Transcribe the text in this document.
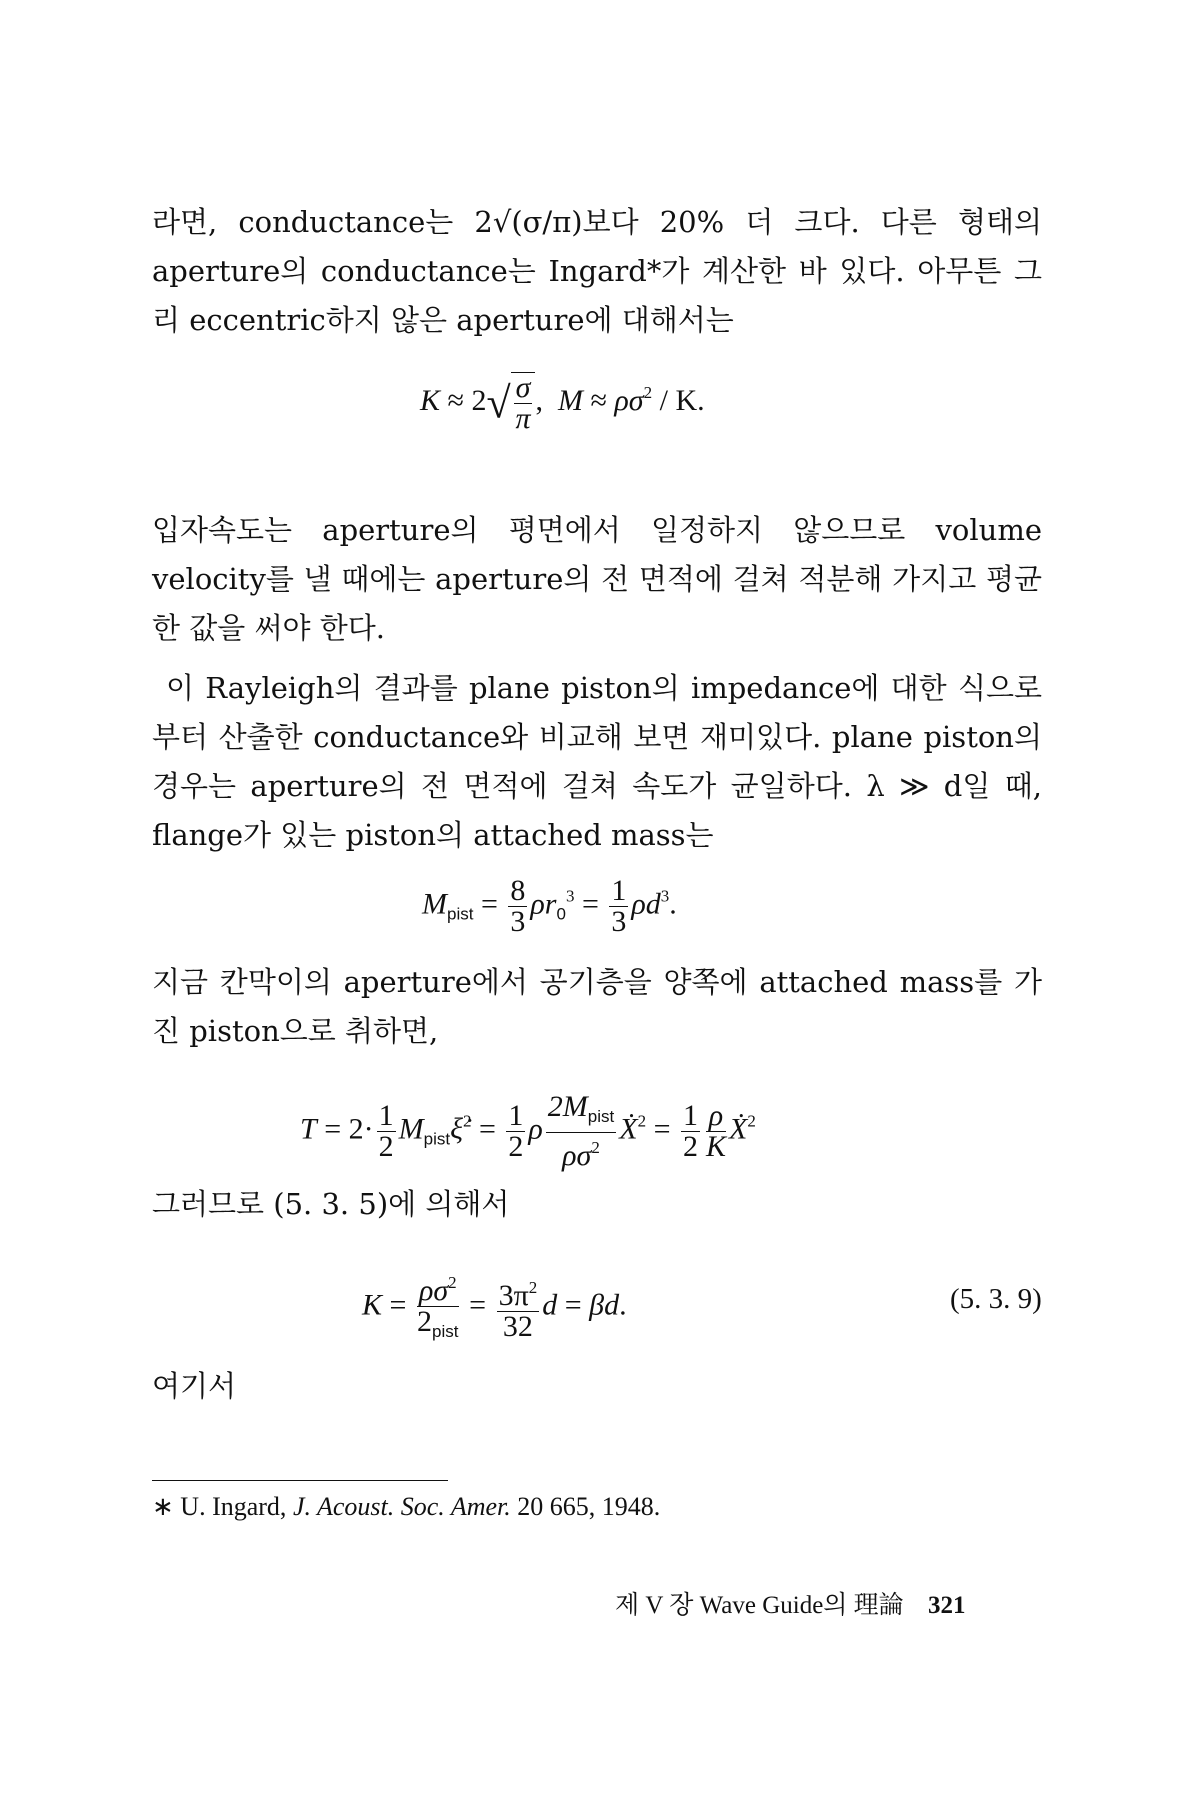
라면, conductance는 2√(σ/π)보다 20% 더 크다. 다른 형태의 aperture의 conductance는 Ingard*가 계산한 바 있다. 아무튼 그리 eccentric하지 않은 aperture에 대해서는

$K \approx 2√ \frac{\sigma}{\pi}$ , $M \approx \rho\sigma^2 / K$.

입자속도는 aperture의 평면에서 일정하지 않으므로 volume velocity를 낼 때에는 aperture의 전 면적에 걸쳐 적분해 가지고 평균한 값을 써야 한다.

이 Rayleigh의 결과를 plane piston의 impedance에 대한 식으로부터 산출한 conductance와 비교해 보면 재미있다. plane piston의 경우는 aperture의 전 면적에 걸쳐 속도가 균일하다. λ ≫ d일 때, flange가 있는 piston의 attached mass는

$M_{pist} = \frac{8}{3} \rho r_0^3 = \frac{1}{3} \rho d^3$.

지금 칸막이의 aperture에서 공기층을 양쪽에 attached mass를 가진 piston으로 취하면,

$T = 2\cdot \frac{1}{2}$ $M_{pist}\xi̇^2 = \frac{1}{2}$ ρ $\frac{2M_{pist}}{\rho\sigma^2}$ Ẋ$^2$ = $\frac{1}{2} \frac{\rho}{K}$ Ẋ$^2$

그러므로 (5. 3. 5)에 의해서

$K = \frac{\rho\sigma^2}{2_{pist}} = \frac{3\pi^2}{32}$ d = βd.	(5. 3. 9)

여기서

∗ U. Ingard, J. Acoust. Soc. Amer. 20 665, 1948.
제 V 장 Wave Guide의 理論 321
